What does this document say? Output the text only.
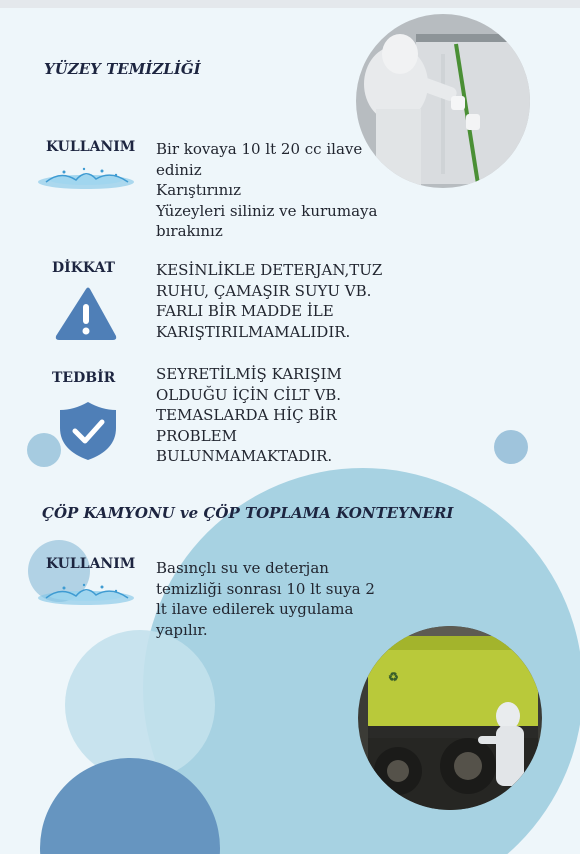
YÜZEY TEMİZLİĞİ
KULLANIM Bir kovaya 10 lt 20 cc ilave
ediniz
Karıştırınız
Yüzeyleri siliniz ve kurumaya
bırakınız
DİKKAT	KESİNLİKLE DETERJAN,TUZ
RUHU, ÇAMAŞIR SUYU VB.
FARLI BİR MADDE İLE
KARIŞTIRILMAMALIDIR.
TEDBİR	SEYRETİLMİŞ KARIŞIM
OLDUĞU İÇİN CİLT VB.
TEMASLARDA HİÇ BİR
PROBLEM
BULUNMAMAKTADIR.
ÇÖP KAMYONU ve ÇÖP TOPLAMA KONTEYNERI
KULLANIM Basınçlı su ve deterjan
temizliği sonrası 10 lt suya 2
lt ilave edilerek uygulama
yapılır.
♻
